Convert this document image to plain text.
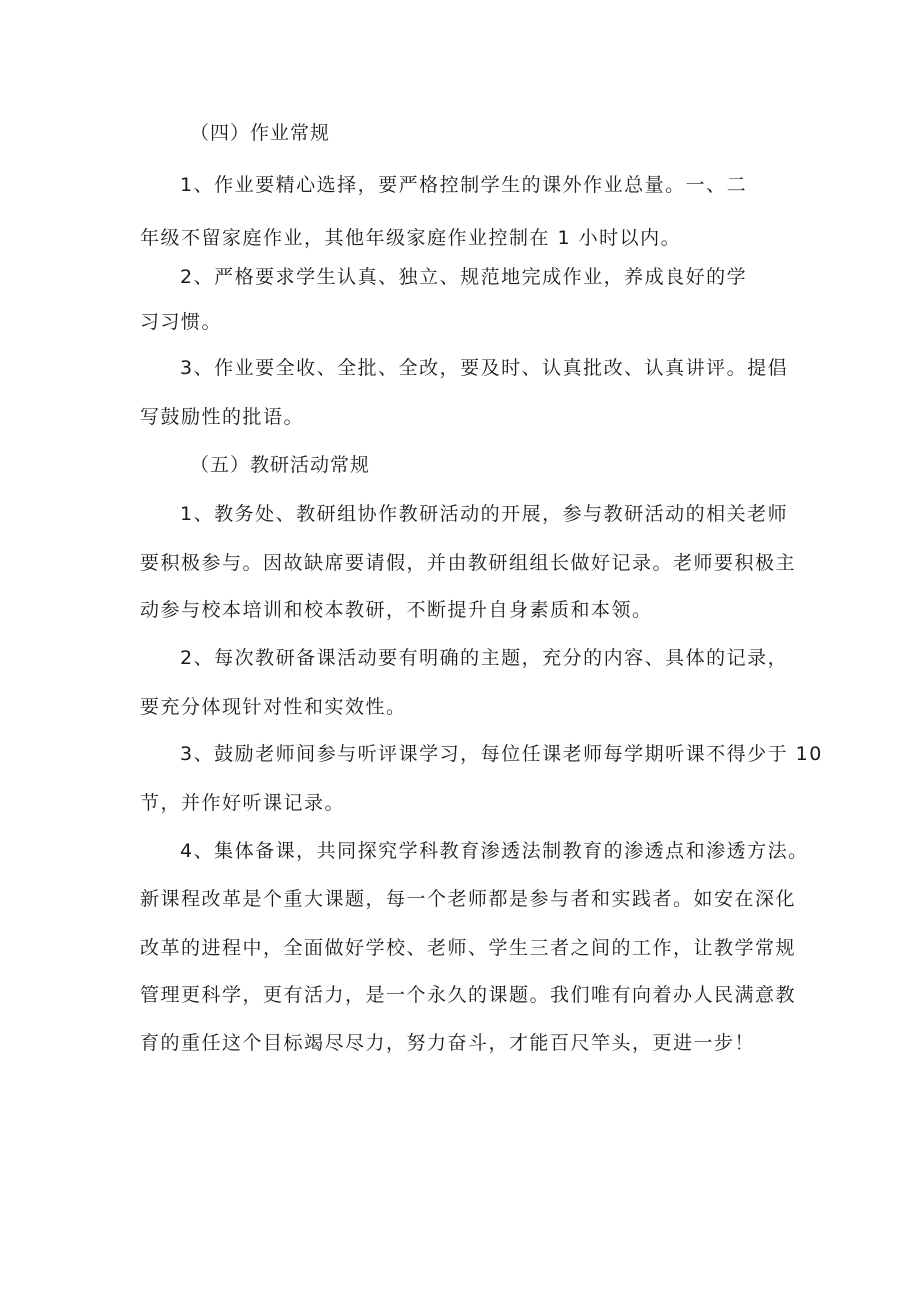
（四）作业常规
1、作业要精心选择，要严格控制学生的课外作业总量。一、二
年级不留家庭作业，其他年级家庭作业控制在 1 小时以内。
2、严格要求学生认真、独立、规范地完成作业，养成良好的学
习习惯。
3、作业要全收、全批、全改，要及时、认真批改、认真讲评。提倡
写鼓励性的批语。
（五）教研活动常规
1、教务处、教研组协作教研活动的开展，参与教研活动的相关老师
要积极参与。因故缺席要请假，并由教研组组长做好记录。老师要积极主
动参与校本培训和校本教研，不断提升自身素质和本领。
2、每次教研备课活动要有明确的主题，充分的内容、具体的记录，
要充分体现针对性和实效性。
3、鼓励老师间参与听评课学习，每位任课老师每学期听课不得少于 10
节，并作好听课记录。
4、集体备课，共同探究学科教育渗透法制教育的渗透点和渗透方法。
新课程改革是个重大课题，每一个老师都是参与者和实践者。如安在深化
改革的进程中，全面做好学校、老师、学生三者之间的工作，让教学常规
管理更科学，更有活力，是一个永久的课题。我们唯有向着办人民满意教
育的重任这个目标竭尽尽力，努力奋斗，才能百尺竿头，更进一步！
